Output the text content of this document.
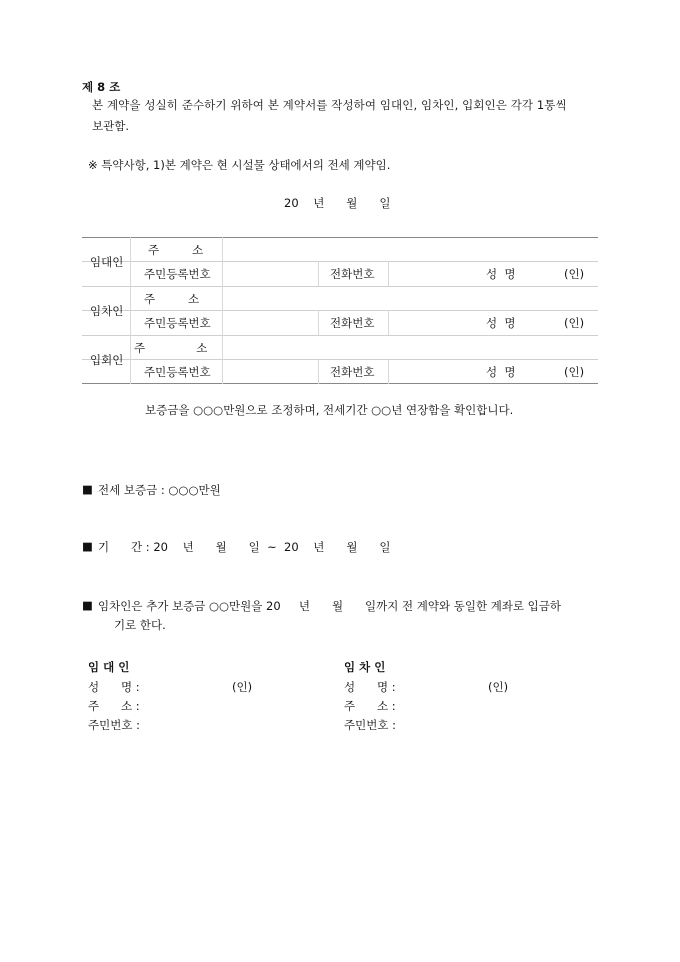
제 8 조
본 계약을 성실히 준수하기 위하여 본 계약서를 작성하여 임대인, 임차인, 입회인은 각각 1통씩
보관함.
※ 특약사항, 1)본 계약은 현 시설물 상태에서의 전세 계약임.
20    년      월      일
임대인
주         소
주민등록번호	전화번호	성  명	(인)
임차인
주         소
주민등록번호	전화번호	성  명	(인)
입회인
주              소
주민등록번호	전화번호	성  명	(인)
보증금을 ○○○만원으로 조정하며, 전세기간 ○○년 연장함을 확인합니다.
■ 전세 보증금 : ○○○만원
■ 기      간 : 20    년      월      일  ~  20    년      월      일
■ 임차인은 추가 보증금 ○○만원을 20     년      월      일까지 전 계약와 동일한 계좌로 입금하
기로 한다.
임 대 인
성      명 :	(인)
주      소 :
주민번호 :
임 차 인
성      명 :	(인)
주      소 :
주민번호 :
